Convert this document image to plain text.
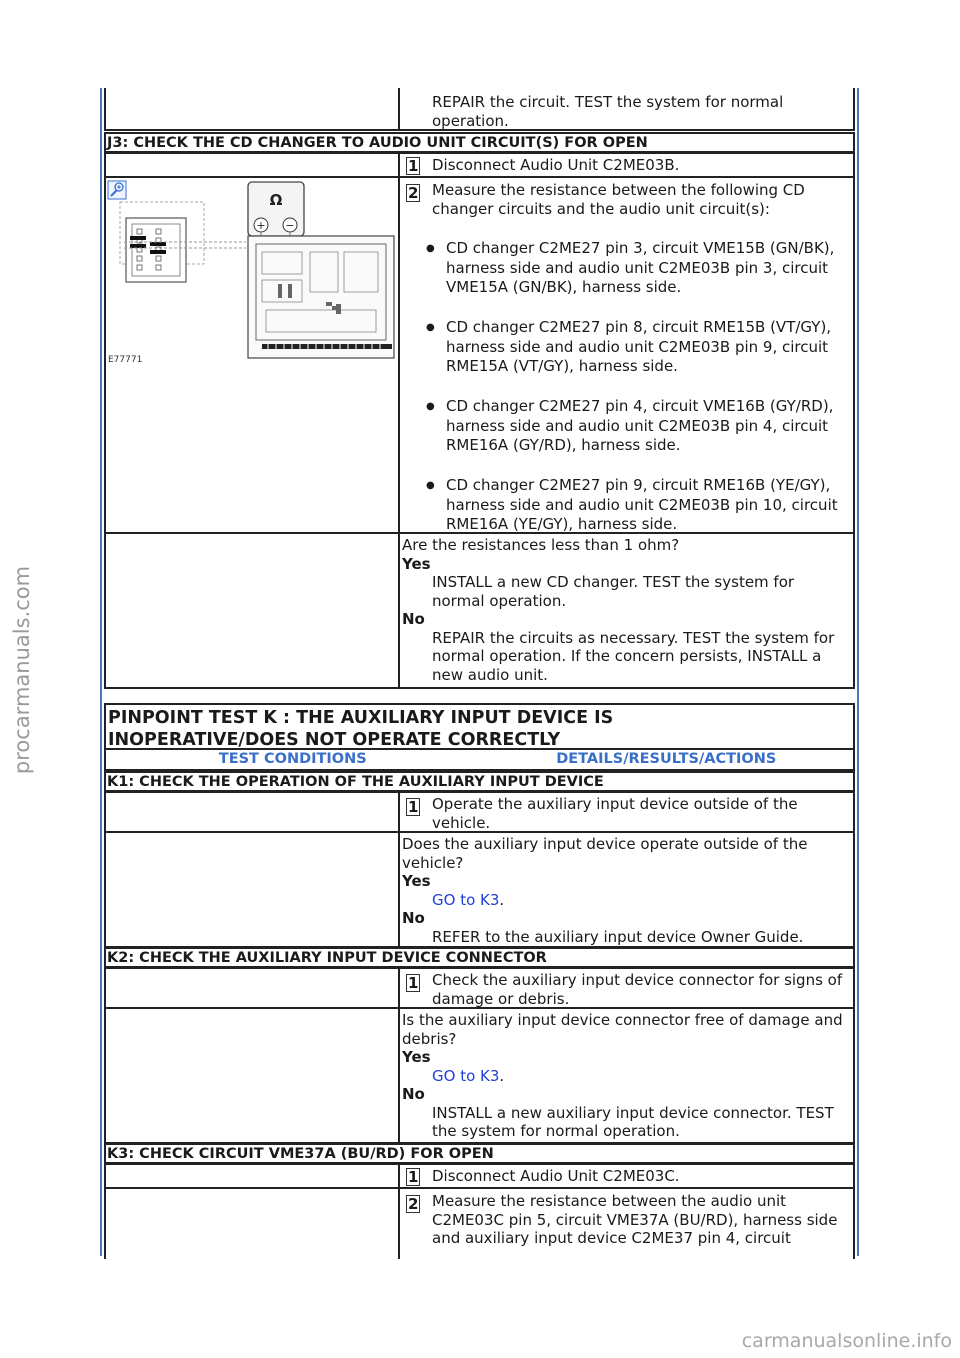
procarmanuals.com
REPAIR the circuit. TEST the system for normal operation.
J3: CHECK THE CD CHANGER TO AUDIO UNIT CIRCUIT(S) FOR OPEN
1 Disconnect Audio Unit C2ME03B.
Ω
+ −
E77771
2 Measure the resistance between the following CD changer circuits and the audio unit circuit(s):
● CD changer C2ME27 pin 3, circuit VME15B (GN/BK), harness side and audio unit C2ME03B pin 3, circuit VME15A (GN/BK), harness side.
● CD changer C2ME27 pin 8, circuit RME15B (VT/GY), harness side and audio unit C2ME03B pin 9, circuit RME15A (VT/GY), harness side.
● CD changer C2ME27 pin 4, circuit VME16B (GY/RD), harness side and audio unit C2ME03B pin 4, circuit RME16A (GY/RD), harness side.
● CD changer C2ME27 pin 9, circuit RME16B (YE/GY), harness side and audio unit C2ME03B pin 10, circuit RME16A (YE/GY), harness side.
Are the resistances less than 1 ohm?
Yes
INSTALL a new CD changer. TEST the system for normal operation.
No
REPAIR the circuits as necessary. TEST the system for normal operation. If the concern persists, INSTALL a new audio unit.
PINPOINT TEST K : THE AUXILIARY INPUT DEVICE IS
INOPERATIVE/DOES NOT OPERATE CORRECTLY
TEST CONDITIONS	DETAILS/RESULTS/ACTIONS
K1: CHECK THE OPERATION OF THE AUXILIARY INPUT DEVICE
1 Operate the auxiliary input device outside of the vehicle.
Does the auxiliary input device operate outside of the vehicle?
Yes
GO to K3.
No
REFER to the auxiliary input device Owner Guide.
K2: CHECK THE AUXILIARY INPUT DEVICE CONNECTOR
1 Check the auxiliary input device connector for signs of damage or debris.
Is the auxiliary input device connector free of damage and debris?
Yes
GO to K3.
No
INSTALL a new auxiliary input device connector. TEST the system for normal operation.
K3: CHECK CIRCUIT VME37A (BU/RD) FOR OPEN
1 Disconnect Audio Unit C2ME03C.
2 Measure the resistance between the audio unit C2ME03C pin 5, circuit VME37A (BU/RD), harness side and auxiliary input device C2ME37 pin 4, circuit
carmanualsonline.info
